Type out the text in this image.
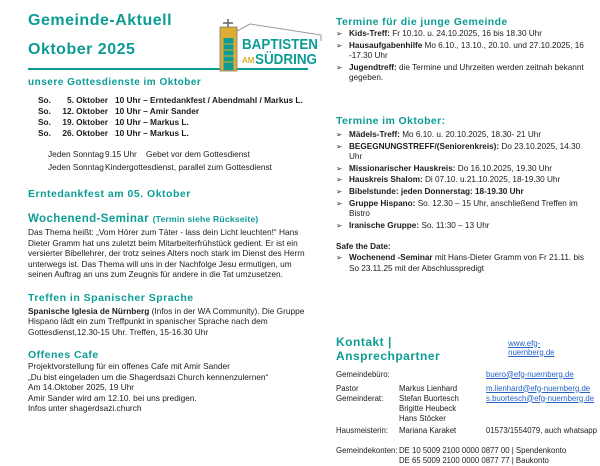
Gemeinde-Aktuell
Oktober 2025	BAPTISTEN
AM SÜDRING
unsere Gottesdienste im Oktober
So.	5. Oktober 10 Uhr – Erntedankfest / Abendmahl / Markus L.
So.	12. Oktober 10 Uhr – Amir Sander
So.	19. Oktober 10 Uhr – Markus L.
So.	26. Oktober 10 Uhr – Markus L.
Jeden Sonntag 9.15 Uhr	Gebet vor dem Gottesdienst
Jeden Sonntag Kindergottesdienst, parallel zum Gottesdienst
Erntedankfest am 05. Oktober
Wochenend-Seminar (Termin siehe Rückseite)

Das Thema heißt: „Vom Hörer zum Täter - lass dein Licht leuchten!“ Hans Dieter Gramm hat uns zuletzt beim Mitarbeiterfrühstück gedient. Er ist ein versierter Bibellehrer, der trotz seines Alters noch stark im Dienst des Herrn unterwegs ist. Das Thema will uns in der Nachfolge Jesu ermutigen, um seinen Auftrag an uns zum Zeugnis für andere in die Tat umzusetzen.

Treffen in Spanischer Sprache

Spanische Iglesia de Nürnberg (Infos in der WA Community). Die Gruppe Hispano lädt ein zum Treffpunkt in spanischer Sprache nach dem Gottesdienst,12.30-15 Uhr. Treffen, 15-16.30 Uhr

Offenes Cafe
Projektvorstellung für ein offenes Cafe mit Amir Sander
„Du bist eingeladen um die Shagerdsazi Church kennenzulernen“
Am 14.Oktober 2025, 19 Uhr
Amir Sander wird am 12.10. bei uns predigen.
Infos unter shagerdsazi.church
Termine für die junge Gemeinde
➢ Kids-Treff: Fr 10.10. u. 24.10.2025, 16 bis 18.30 Uhr
➢ Hausaufgabenhilfe Mo 6.10., 13.10., 20.10. und 27.10.2025, 16 -17.30 Uhr
➢ Jugendtreff: die Termine und Uhrzeiten werden zeitnah bekannt gegeben.
Termine im Oktober:
➢ Mädels-Treff: Mo 6.10. u. 20.10.2025, 18.30- 21 Uhr
➢ BEGEGNUNGSTREFF/(Seniorenkreis): Do 23.10.2025, 14.30 Uhr
➢ Missionarischer Hauskreis: Do 16.10.2025, 19.30 Uhr
➢ Hauskreis Shalom: Di 07.10. u.21.10.2025, 18-19.30 Uhr
➢ Bibelstunde: jeden Donnerstag: 18-19.30 Uhr
➢ Gruppe Hispano: So. 12.30 – 15 Uhr, anschließend Treffen im Bistro
➢ Iranische Gruppe: So. 11:30 – 13 Uhr
Safe the Date:
➢ Wochenend -Seminar mit Hans-Dieter Gramm von Fr 21.11. bis So 23.11.25 mit der Abschlusspredigt
Kontakt | Ansprechpartner
www.efg-nuernberg.de
Gemeindebüro:	buero@efg-nuernberg.de
Pastor	Markus Lienhard	m.lienhard@efg-nuernberg.de
Gemeinderat:	Stefan Buortesch	s.buortesch@efg-nuernberg.de
Brigitte Heubeck
Hans Stöcker
Hausmeisterin:	Mariana Karaket	01573/1554079, auch whatsapp
Gemeindekonten: DE 10 5009 2100 0000 0877 00 | Spendenkonto
DE 65 5009 2100 0000 0877 77 | Baukonto
